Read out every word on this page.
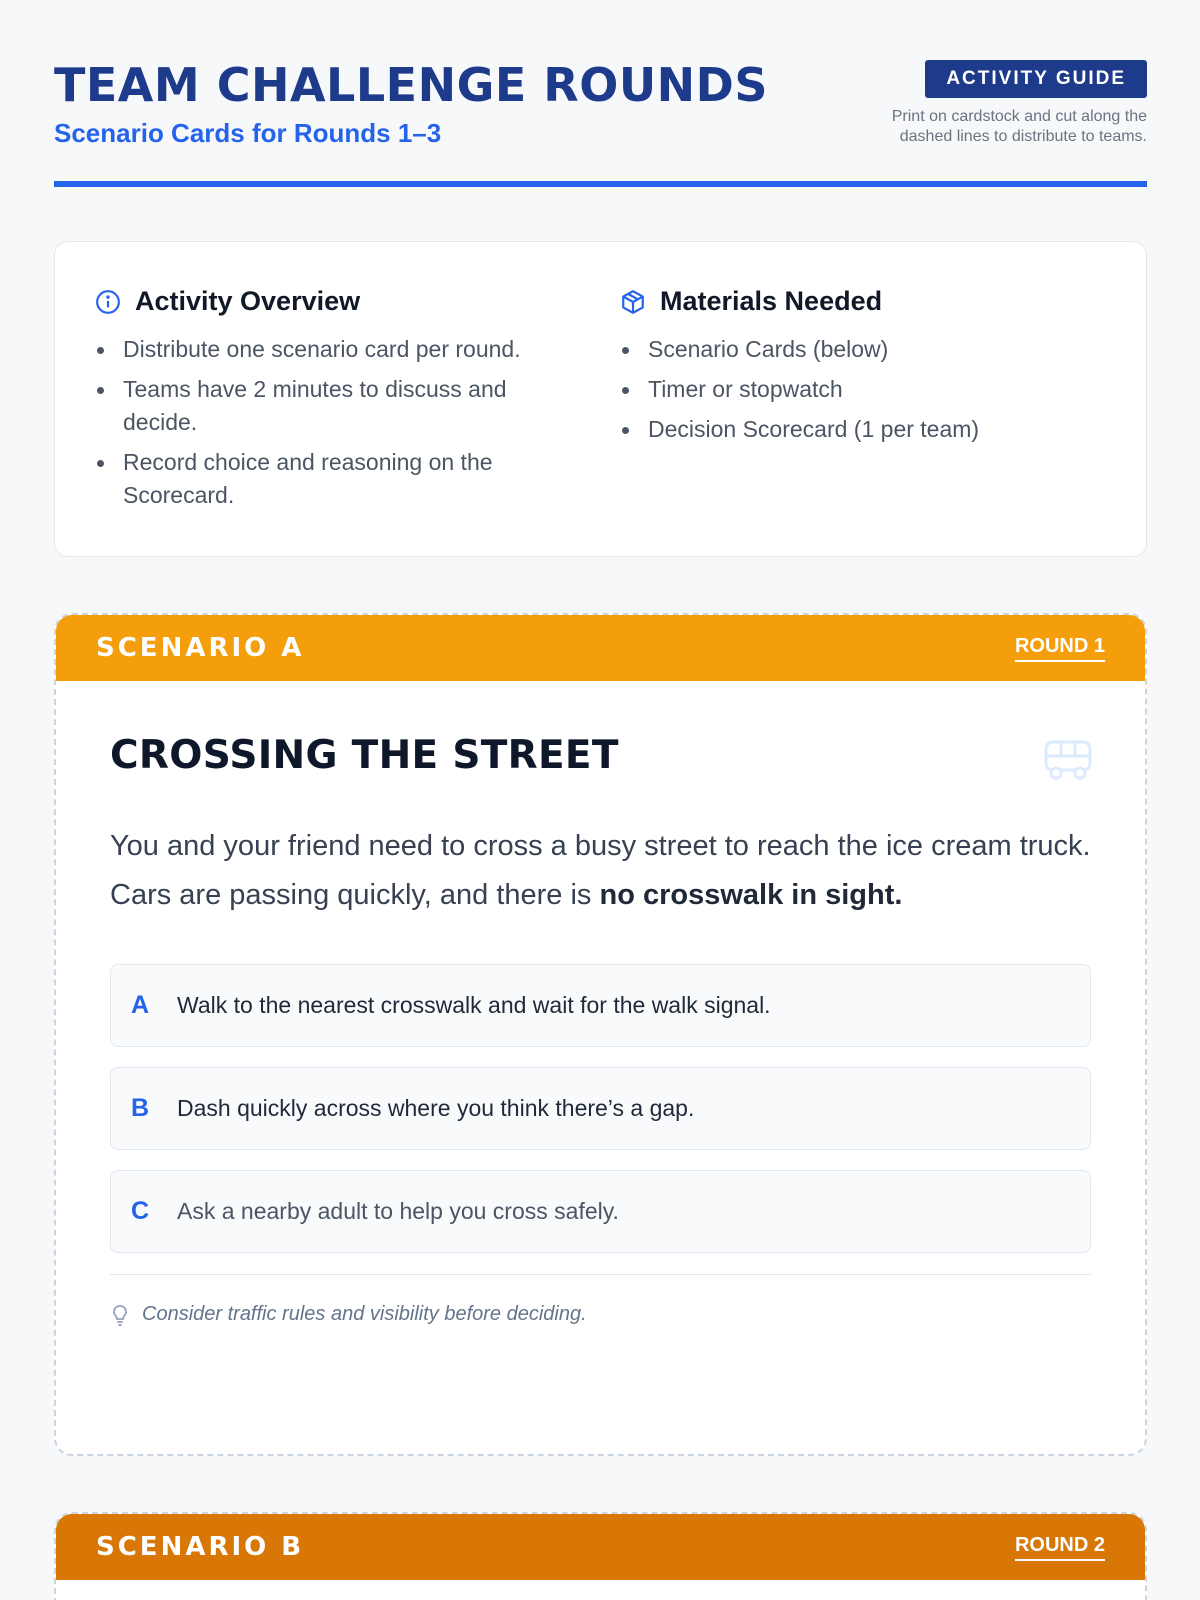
TEAM CHALLENGE ROUNDS
Scenario Cards for Rounds 1–3
ACTIVITY GUIDE
Print on cardstock and cut along the dashed lines to distribute to teams.
Activity Overview
Distribute one scenario card per round.
Teams have 2 minutes to discuss and decide.
Record choice and reasoning on the Scorecard.
Materials Needed
Scenario Cards (below)
Timer or stopwatch
Decision Scorecard (1 per team)
SCENARIO A	ROUND 1
CROSSING THE STREET

You and your friend need to cross a busy street to reach the ice cream truck. Cars are passing quickly, and there is no crosswalk in sight.

A	Walk to the nearest crosswalk and wait for the walk signal.
B	Dash quickly across where you think there’s a gap.
C	Ask a nearby adult to help you cross safely.
Consider traffic rules and visibility before deciding.
SCENARIO B	ROUND 2
